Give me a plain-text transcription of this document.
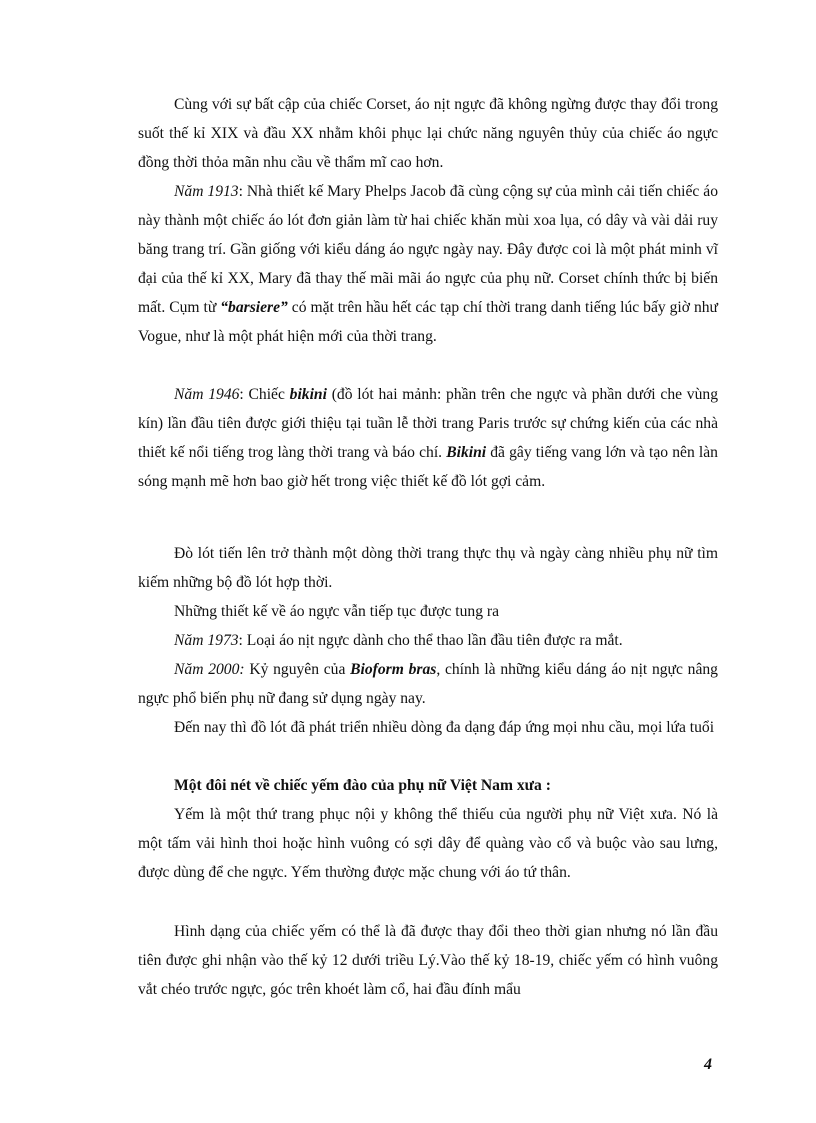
Cùng với sự bất cập của chiếc Corset, áo nịt ngực đã không ngừng được thay đổi trong suốt thế kỉ XIX và đầu XX nhằm khôi phục lại chức năng nguyên thủy của chiếc áo ngực đồng thời thỏa mãn nhu cầu về thẩm mĩ cao hơn.

Năm 1913: Nhà thiết kế Mary Phelps Jacob đã cùng cộng sự của mình cải tiến chiếc áo này thành một chiếc áo lót đơn giản làm từ hai chiếc khăn mùi xoa lụa, có dây và vài dải ruy băng trang trí. Gần giống với kiểu dáng áo ngực ngày nay. Đây được coi là một phát minh vĩ đại của thế kỉ XX, Mary đã thay thế mãi mãi áo ngực của phụ nữ. Corset chính thức bị biến mất. Cụm từ “barsiere” có mặt trên hầu hết các tạp chí thời trang danh tiếng lúc bấy giờ như Vogue, như là một phát hiện mới của thời trang.

Năm 1946: Chiếc bikini (đồ lót hai mảnh: phần trên che ngực và phần dưới che vùng kín) lần đầu tiên được giới thiệu tại tuần lễ thời trang Paris trước sự chứng kiến của các nhà thiết kế nổi tiếng trog làng thời trang và báo chí. Bikini đã gây tiếng vang lớn và tạo nên làn sóng mạnh mẽ hơn bao giờ hết trong việc thiết kế đồ lót gợi cảm.

Đò lót tiến lên trở thành một dòng thời trang thực thụ và ngày càng nhiều phụ nữ tìm kiếm những bộ đồ lót hợp thời.

Những thiết kế về áo ngực vẫn tiếp tục được tung ra

Năm 1973: Loại áo nịt ngực dành cho thể thao lần đầu tiên được ra mắt.

Năm 2000: Kỷ nguyên của Bioform bras, chính là những kiểu dáng áo nịt ngực nâng ngực phổ biến phụ nữ đang sử dụng ngày nay.

Đến nay thì đồ lót đã phát triển nhiều dòng đa dạng đáp ứng mọi nhu cầu, mọi lứa tuổi

Một đôi nét về chiếc yếm đào của phụ nữ Việt Nam xưa :

Yếm là một thứ trang phục nội y không thể thiếu của người phụ nữ Việt xưa. Nó là một tấm vải hình thoi hoặc hình vuông có sợi dây để quàng vào cổ và buộc vào sau lưng, được dùng để che ngực. Yếm thường được mặc chung với áo tứ thân.

Hình dạng của chiếc yếm có thể là đã được thay đổi theo thời gian nhưng nó lần đầu tiên được ghi nhận vào thế kỷ 12 dưới triều Lý.Vào thế kỷ 18-19, chiếc yếm có hình vuông vắt chéo trước ngực, góc trên khoét làm cổ, hai đầu đính mẩu

4
